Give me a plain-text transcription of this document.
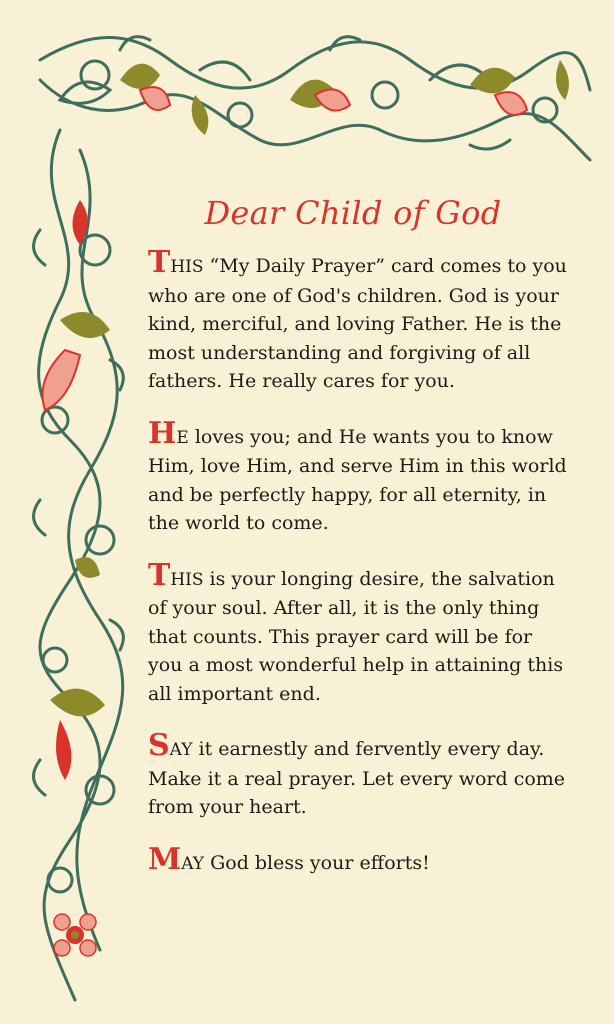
Dear Child of God

THIS “My Daily Prayer” card comes to you who are one of God's children. God is your kind, merciful, and loving Father. He is the most understanding and forgiving of all fathers. He really cares for you.

HE loves you; and He wants you to know Him, love Him, and serve Him in this world and be perfectly happy, for all eternity, in the world to come.

THIS is your longing desire, the salvation of your soul. After all, it is the only thing that counts. This prayer card will be for you a most wonderful help in attaining this all important end.

SAY it earnestly and fervently every day. Make it a real prayer. Let every word come from your heart.

MAY God bless your efforts!
